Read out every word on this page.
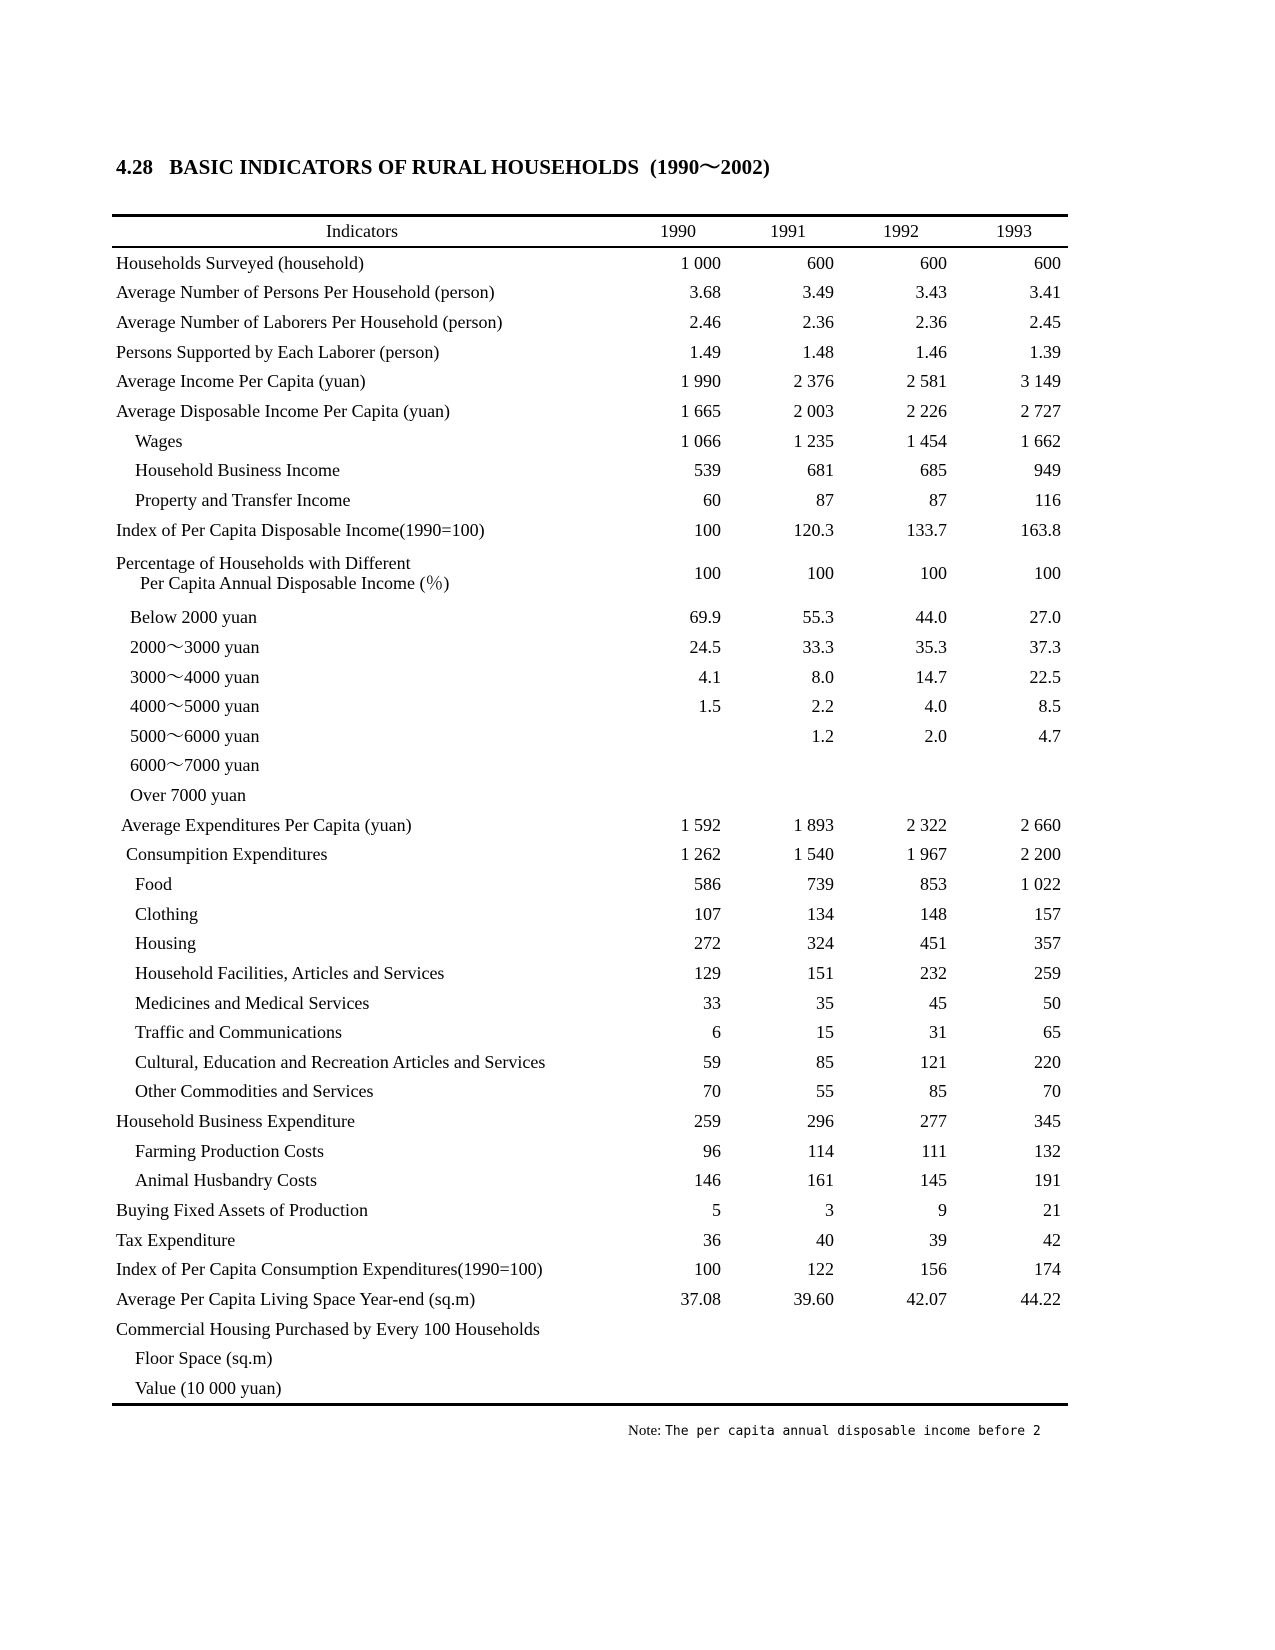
4.28   BASIC INDICATORS OF RURAL HOUSEHOLDS  (1990～2002)
Indicators	1990	1991	1992	1993
Households Surveyed (household)	1 000	600	600	600
Average Number of Persons Per Household (person)	3.68	3.49	3.43	3.41
Average Number of Laborers Per Household (person)	2.46	2.36	2.36	2.45
Persons Supported by Each Laborer (person)	1.49	1.48	1.46	1.39
Average Income Per Capita (yuan)	1 990	2 376	2 581	3 149
Average Disposable Income Per Capita (yuan)	1 665	2 003	2 226	2 727
Wages	1 066	1 235	1 454	1 662
Household Business Income	539	681	685	949
Property and Transfer Income	60	87	87	116
Index of Per Capita Disposable Income(1990=100)	100	120.3	133.7	163.8
Percentage of Households with Different
Per Capita Annual Disposable Income (％)	100	100	100	100
Below 2000 yuan	69.9	55.3	44.0	27.0
2000～3000 yuan	24.5	33.3	35.3	37.3
3000～4000 yuan	4.1	8.0	14.7	22.5
4000～5000 yuan	1.5	2.2	4.0	8.5
5000～6000 yuan		1.2	2.0	4.7
6000～7000 yuan				
Over 7000 yuan				
Average Expenditures Per Capita (yuan)	1 592	1 893	2 322	2 660
Consumpition Expenditures	1 262	1 540	1 967	2 200
Food	586	739	853	1 022
Clothing	107	134	148	157
Housing	272	324	451	357
Household Facilities, Articles and Services	129	151	232	259
Medicines and Medical Services	33	35	45	50
Traffic and Communications	6	15	31	65
Cultural, Education and Recreation Articles and Services	59	85	121	220
Other Commodities and Services	70	55	85	70
Household Business Expenditure	259	296	277	345
Farming Production Costs	96	114	111	132
Animal Husbandry Costs	146	161	145	191
Buying Fixed Assets of Production	5	3	9	21
Tax Expenditure	36	40	39	42
Index of Per Capita Consumption Expenditures(1990=100)	100	122	156	174
Average Per Capita Living Space Year-end (sq.m)	37.08	39.60	42.07	44.22
Commercial Housing Purchased by Every 100 Households				
Floor Space (sq.m)				
Value (10 000 yuan)				
Note: The per capita annual disposable income before 2
